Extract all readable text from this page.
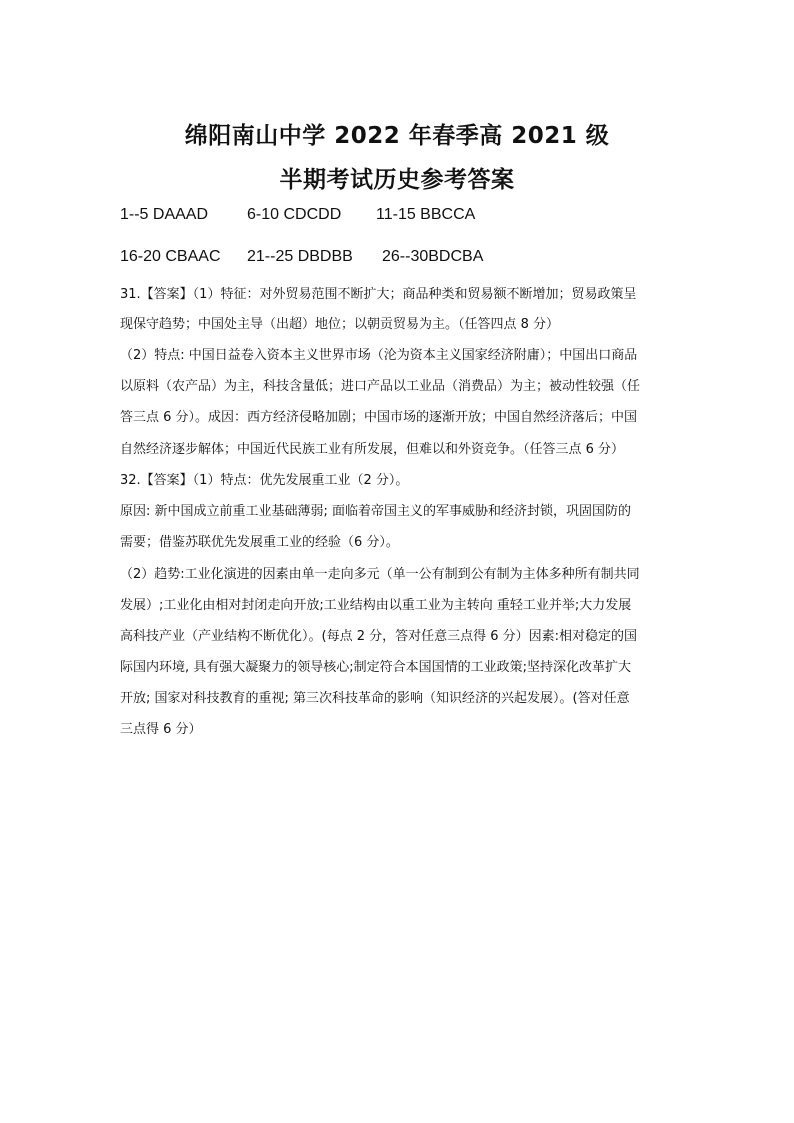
绵阳南山中学 2022 年春季高 2021 级
半期考试历史参考答案
1--5 DAAAD 6-10 CDCDD 11-15 BBCCA
16-20 CBAAC 21--25 DBDBB 26--30BDCBA
31.【答案】（1）特征：对外贸易范围不断扩大；商品种类和贸易额不断增加；贸易政策呈
现保守趋势；中国处主导（出超）地位；以朝贡贸易为主。（任答四点 8 分）
（2）特点: 中国日益卷入资本主义世界市场（沦为资本主义国家经济附庸）；中国出口商品
以原料（农产品）为主，科技含量低；进口产品以工业品（消费品）为主；被动性较强（任
答三点 6 分）。成因：西方经济侵略加剧；中国市场的逐渐开放；中国自然经济落后；中国
自然经济逐步解体；中国近代民族工业有所发展，但难以和外资竞争。（任答三点 6 分）
32.【答案】（1）特点：优先发展重工业（2 分）。
原因: 新中国成立前重工业基础薄弱; 面临着帝国主义的军事威胁和经济封锁，巩固国防的
需要；借鉴苏联优先发展重工业的经验（6 分）。
（2）趋势:工业化演进的因素由单一走向多元（单一公有制到公有制为主体多种所有制共同
发展）;工业化由相对封闭走向开放;工业结构由以重工业为主转向 重轻工业并举;大力发展
高科技产业（产业结构不断优化）。(每点 2 分，答对任意三点得 6 分）因素:相对稳定的国
际国内环境, 具有强大凝聚力的领导核心;制定符合本国国情的工业政策;坚持深化改革扩大
开放; 国家对科技教育的重视; 第三次科技革命的影响（知识经济的兴起发展）。(答对任意
三点得 6 分）
